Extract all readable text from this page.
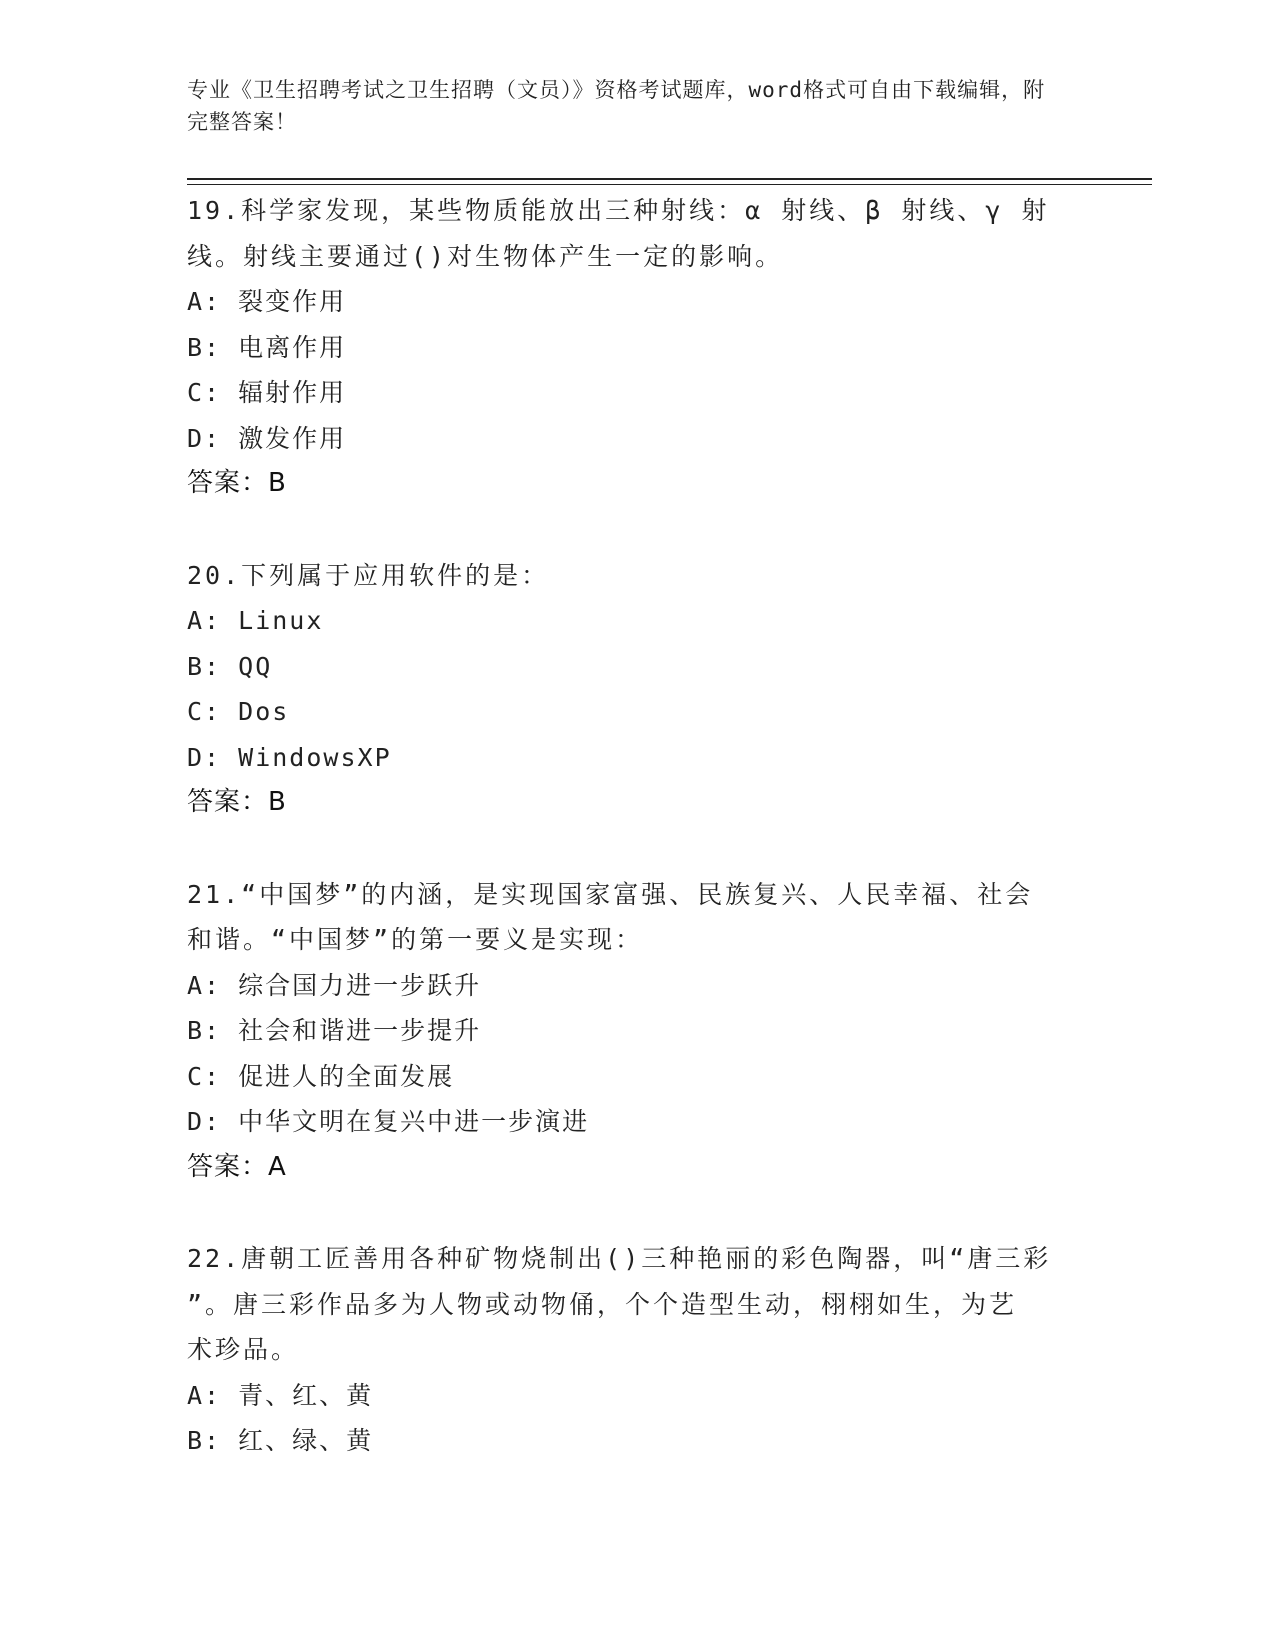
专业《卫生招聘考试之卫生招聘（文员）》资格考试题库，word格式可自由下载编辑，附完整答案！
19.科学家发现，某些物质能放出三种射线：α 射线、β 射线、γ 射
线。射线主要通过()对生物体产生一定的影响。
A: 裂变作用
B: 电离作用
C: 辐射作用
D: 激发作用
答案：B
20.下列属于应用软件的是：
A: Linux
B: QQ
C: Dos
D: WindowsXP
答案：B
21.“中国梦”的内涵，是实现国家富强、民族复兴、人民幸福、社会
和谐。“中国梦”的第一要义是实现：
A: 综合国力进一步跃升
B: 社会和谐进一步提升
C: 促进人的全面发展
D: 中华文明在复兴中进一步演进
答案：A
22.唐朝工匠善用各种矿物烧制出()三种艳丽的彩色陶器，叫“唐三彩
”。唐三彩作品多为人物或动物俑，个个造型生动，栩栩如生，为艺
术珍品。
A: 青、红、黄
B: 红、绿、黄
